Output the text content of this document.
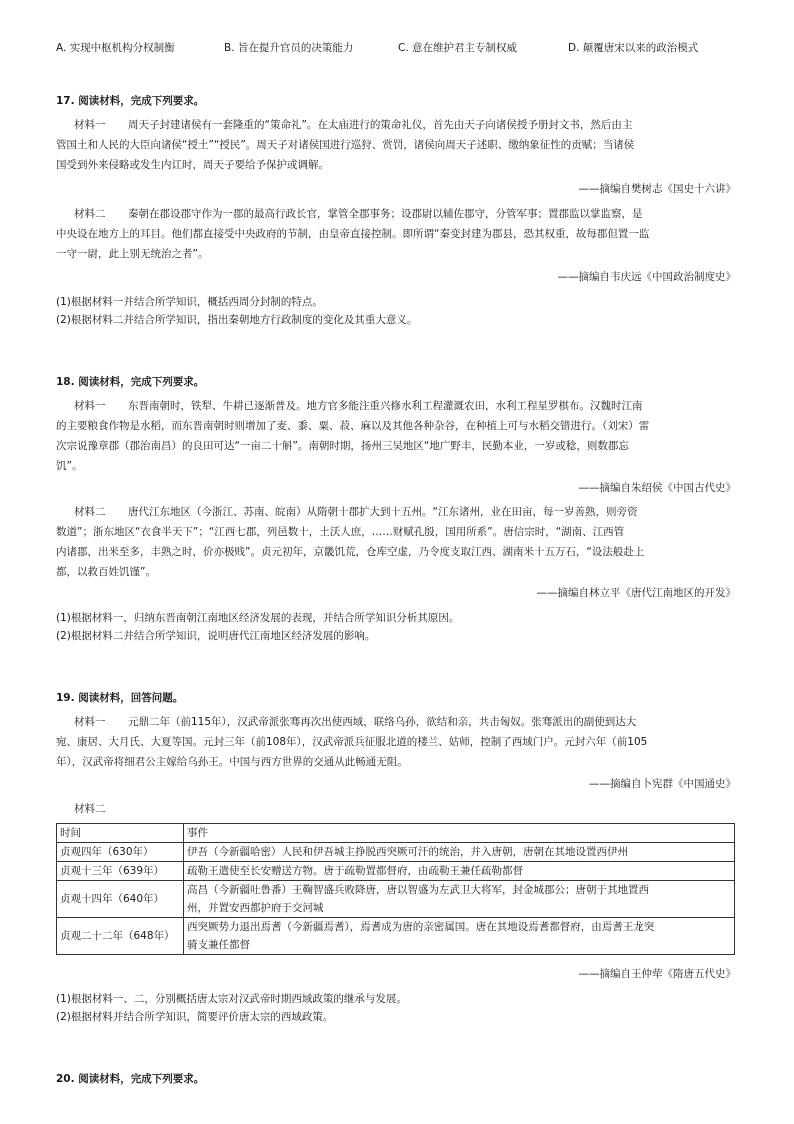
A. 实现中枢机构分权制衡	B. 旨在提升官员的决策能力	C. 意在维护君主专制权威	D. 颠覆唐宋以来的政治模式
17. 阅读材料，完成下列要求。
材料一 周天子封建诸侯有一套隆重的“策命礼”。在太庙进行的策命礼仪，首先由天子向诸侯授予册封文书，然后由主
管国土和人民的大臣向诸侯“授土”“授民”。周天子对诸侯国进行巡狩、赏罚，诸侯向周天子述职、缴纳象征性的贡赋；当诸侯
国受到外来侵略或发生内讧时，周天子要给予保护或调解。
——摘编自樊树志《国史十六讲》
材料二 秦朝在郡设郡守作为一郡的最高行政长官，掌管全郡事务；设郡尉以辅佐郡守，分管军事；置郡监以掌监察，是
中央设在地方上的耳目。他们都直接受中央政府的节制，由皇帝直接控制。即所谓“秦变封建为郡县，恐其权重，故每郡但置一监
一守一尉，此上别无统治之者”。
——摘编自韦庆远《中国政治制度史》
(1)根据材料一并结合所学知识，概括西周分封制的特点。
(2)根据材料二并结合所学知识，指出秦朝地方行政制度的变化及其重大意义。
18. 阅读材料，完成下列要求。
材料一 东晋南朝时，铁犁、牛耕已逐渐普及。地方官多能注重兴修水利工程灌溉农田，水利工程星罗棋布。汉魏时江南
的主要粮食作物是水稻，而东晋南朝时则增加了麦、黍、粟、菽、麻以及其他各种杂谷，在种植上可与水稻交错进行。（刘宋）雷
次宗说豫章郡（郡治南昌）的良田可达“一亩二十斛”。南朝时期，扬州三吴地区“地广野丰，民勤本业，一岁或稔，则数郡忘
饥”。
——摘编自朱绍侯《中国古代史》
材料二 唐代江东地区（今浙江、苏南、皖南）从隋朝十郡扩大到十五州。“江东诸州，业在田亩，每一岁善熟，则旁资
数道”；浙东地区“衣食半天下”；“江西七郡，列邑数十，土沃人庶，……财赋孔殷，国用所系”。唐信宗时，“湖南、江西管
内诸郡，出米至多，丰熟之时，价亦极贱”。贞元初年，京畿饥荒，仓库空虚，乃令度支取江西、湖南米十五万石，“设法般赴上
都，以救百姓饥馑”。
——摘编自林立平《唐代江南地区的开发》
(1)根据材料一，归纳东晋南朝江南地区经济发展的表现，并结合所学知识分析其原因。
(2)根据材料二并结合所学知识，说明唐代江南地区经济发展的影响。
19. 阅读材料，回答问题。
材料一 元鼎二年（前115年），汉武帝派张骞再次出使西域，联络乌孙，欲结和亲，共击匈奴。张骞派出的副使到达大
宛、康居、大月氏、大夏等国。元封三年（前108年），汉武帝派兵征服北道的楼兰、姑师，控制了西域门户。元封六年（前105
年），汉武帝将细君公主嫁给乌孙王。中国与西方世界的交通从此畅通无阻。
——摘编自卜宪群《中国通史》
材料二
时间	事件
贞观四年（630年）	伊吾（今新疆哈密）人民和伊吾城主挣脱西突厥可汗的统治，并入唐朝，唐朝在其地设置西伊州

贞观十三年（639年）	疏勒王遣使至长安赠送方物。唐于疏勒置都督府，由疏勒王兼任疏勒都督

贞观十四年（640年）	高昌（今新疆吐鲁番）王鞠智盛兵败降唐，唐以智盛为左武卫大将军，封金城郡公；唐朝于其地置西
州，并置安西都护府于交河城

贞观二十二年（648年）	西突厥势力退出焉耆（今新疆焉耆），焉耆成为唐的亲密属国。唐在其地设焉耆都督府，由焉耆王龙突
骑支兼任都督
——摘编自王仲荦《隋唐五代史》
(1)根据材料一、二，分别概括唐太宗对汉武帝时期西域政策的继承与发展。
(2)根据材料并结合所学知识，简要评价唐太宗的西域政策。
20. 阅读材料，完成下列要求。
